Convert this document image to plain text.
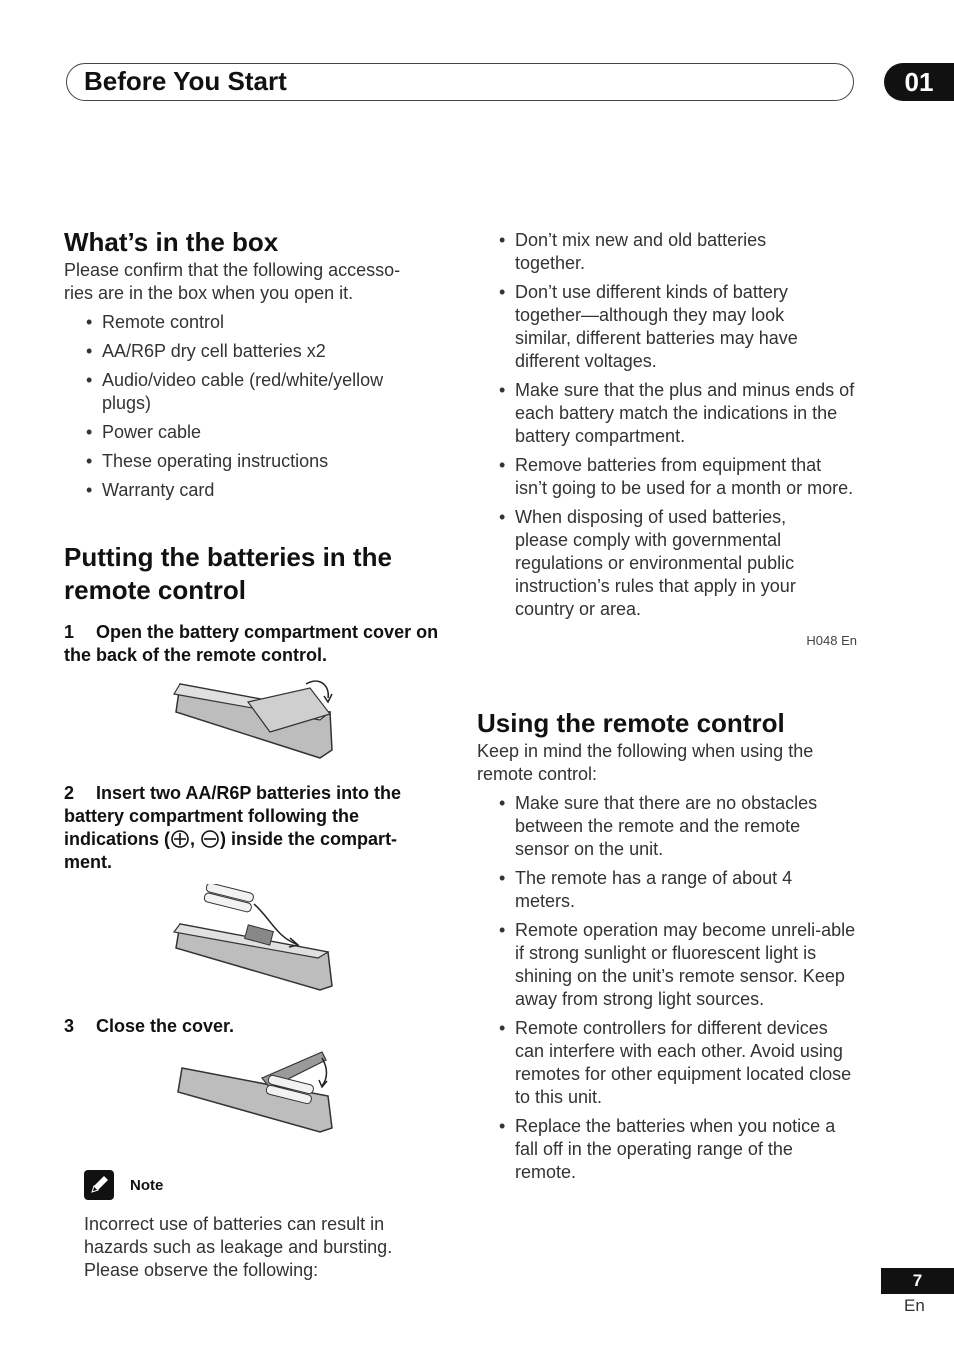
Before You Start	01
What’s in the box

Please confirm that the following accesso-
ries are in the box when you open it.

• Remote control
• AA/R6P dry cell batteries x2
• Audio/video cable (red/white/yellow plugs)
• Power cable
• These operating instructions
• Warranty card
Putting the batteries in the
remote control
1 Open the battery compartment cover on the back of the remote control.
2 Insert two AA/R6P batteries into the battery compartment following the indications ( , ) inside the compart-ment.
3 Close the cover.
Note

Incorrect use of batteries can result in hazards such as leakage and bursting. Please observe the following:

• Don’t mix new and old batteries together.
• Don’t use different kinds of battery together—although they may look similar, different batteries may have different voltages.
• Make sure that the plus and minus ends of each battery match the indications in the battery compartment.
• Remove batteries from equipment that isn’t going to be used for a month or more.
• When disposing of used batteries, please comply with governmental regulations or environmental public instruction’s rules that apply in your country or area.
H048 En
Using the remote control

Keep in mind the following when using the remote control:

• Make sure that there are no obstacles between the remote and the remote sensor on the unit.
• The remote has a range of about 4 meters.
• Remote operation may become unreli-able if strong sunlight or fluorescent light is shining on the unit’s remote sensor. Keep away from strong light sources.
• Remote controllers for different devices can interfere with each other. Avoid using remotes for other equipment located close to this unit.
• Replace the batteries when you notice a fall off in the operating range of the remote.
7
En
